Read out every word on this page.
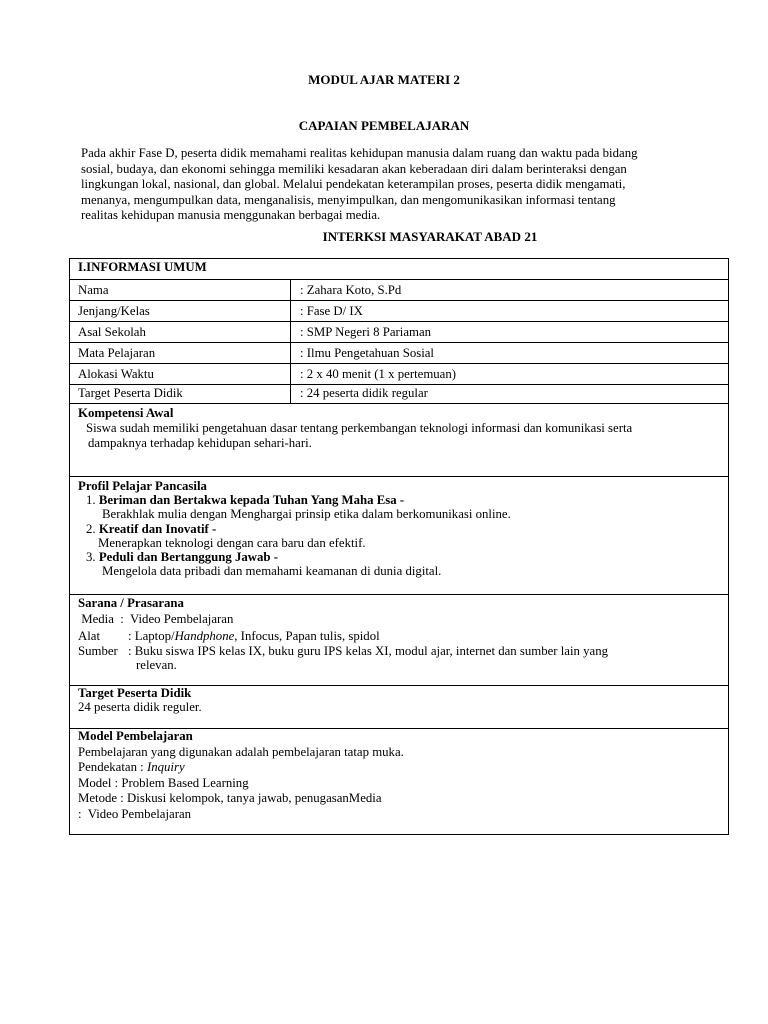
MODUL AJAR MATERI 2
CAPAIAN PEMBELAJARAN
Pada akhir Fase D, peserta didik memahami realitas kehidupan manusia dalam ruang dan waktu pada bidang
sosial, budaya, dan ekonomi sehingga memiliki kesadaran akan keberadaan diri dalam berinteraksi dengan
lingkungan lokal, nasional, dan global. Melalui pendekatan keterampilan proses, peserta didik mengamati,
menanya, mengumpulkan data, menganalisis, menyimpulkan, dan mengomunikasikan informasi tentang
realitas kehidupan manusia menggunakan berbagai media.
INTERKSI MASYARAKAT ABAD 21
I.INFORMASI UMUM
Nama	: Zahara Koto, S.Pd
Jenjang/Kelas	: Fase D/ IX
Asal Sekolah	: SMP Negeri 8 Pariaman
Mata Pelajaran	: Ilmu Pengetahuan Sosial
Alokasi Waktu	: 2 x 40 menit (1 x pertemuan)
Target Peserta Didik	: 24 peserta didik regular
Kompetensi Awal

Siswa sudah memiliki pengetahuan dasar tentang perkembangan teknologi informasi dan komunikasi serta

dampaknya terhadap kehidupan sehari-hari.

Profil Pelajar Pancasila

1. Beriman dan Bertakwa kepada Tuhan Yang Maha Esa -

Berakhlak mulia dengan Menghargai prinsip etika dalam berkomunikasi online.

2. Kreatif dan Inovatif -

Menerapkan teknologi dengan cara baru dan efektif.

3. Peduli dan Bertanggung Jawab -

Mengelola data pribadi dan memahami keamanan di dunia digital.

Sarana / Prasarana

Media  :  Video Pembelajaran

Alat	: Laptop/Handphone, Infocus, Papan tulis, spidol
Sumber : Buku siswa IPS kelas IX, buku guru IPS kelas XI, modul ajar, internet dan sumber lain yang
relevan.
Target Peserta Didik

24 peserta didik reguler.

Model Pembelajaran

Pembelajaran yang digunakan adalah pembelajaran tatap muka.

Pendekatan : Inquiry

Model : Problem Based Learning

Metode : Diskusi kelompok, tanya jawab, penugasanMedia

:  Video Pembelajaran
